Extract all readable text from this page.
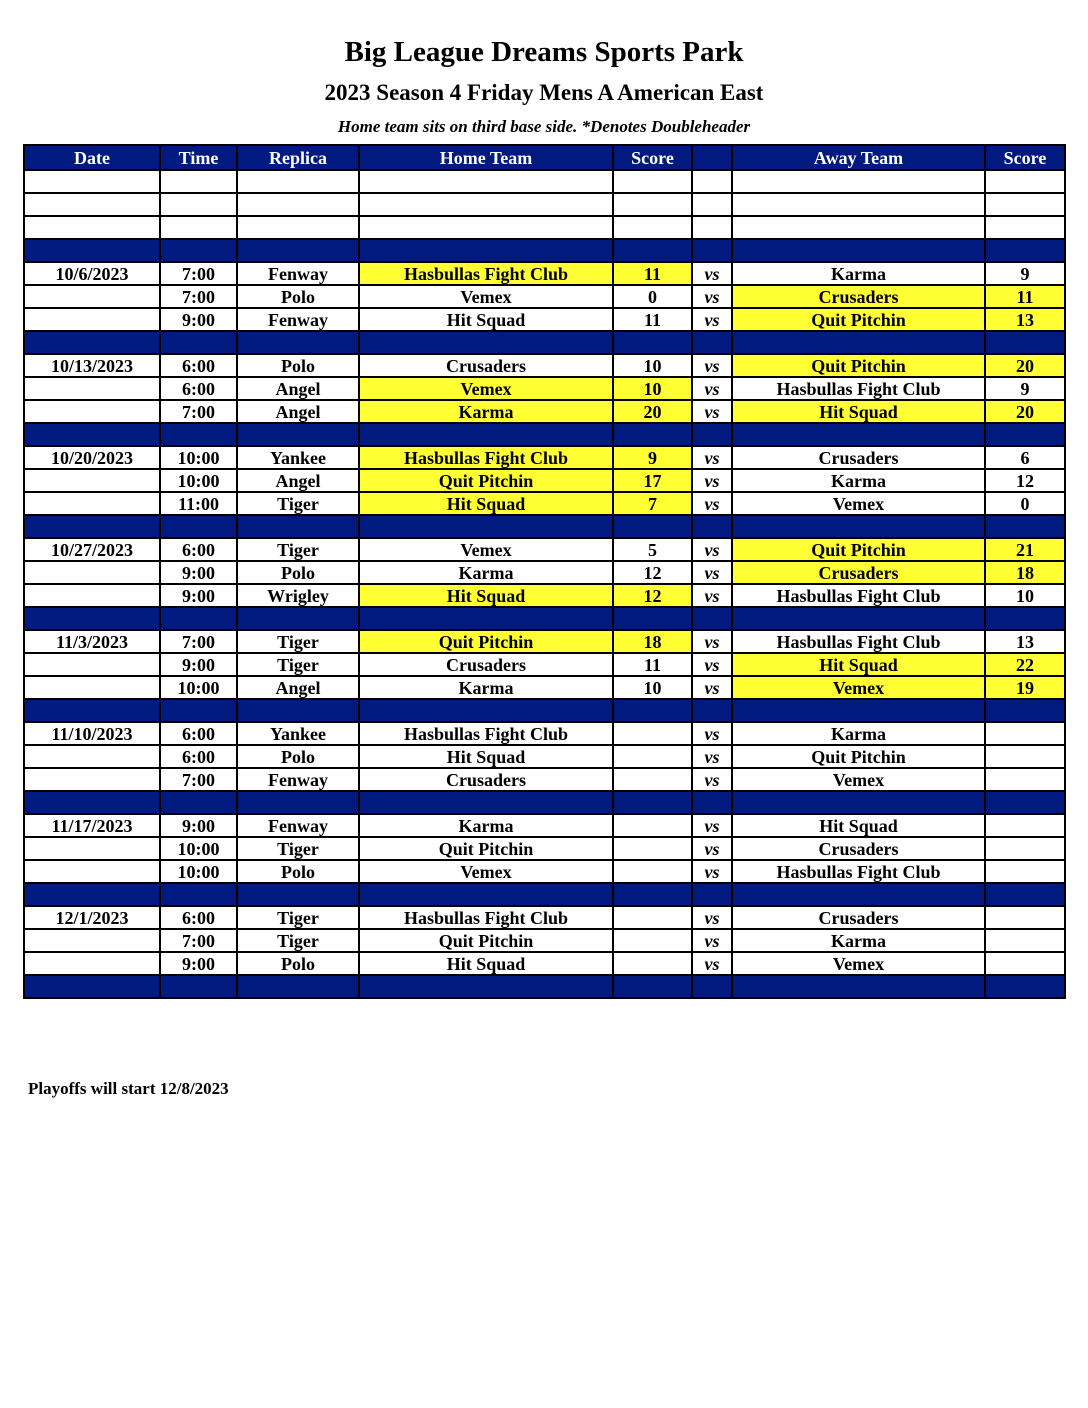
Big League Dreams Sports Park
2023 Season 4 Friday Mens A American East
Home team sits on third base side. *Denotes Doubleheader
Date	Time	Replica	Home Team	Score		Away Team	Score

10/6/2023	7:00	Fenway	Hasbullas Fight Club	11	vs	Karma	9
	7:00	Polo	Vemex	0	vs	Crusaders	11
	9:00	Fenway	Hit Squad	11	vs	Quit Pitchin	13

10/13/2023	6:00	Polo	Crusaders	10	vs	Quit Pitchin	20
	6:00	Angel	Vemex	10	vs	Hasbullas Fight Club	9
	7:00	Angel	Karma	20	vs	Hit Squad	20

10/20/2023	10:00	Yankee	Hasbullas Fight Club	9	vs	Crusaders	6
	10:00	Angel	Quit Pitchin	17	vs	Karma	12
	11:00	Tiger	Hit Squad	7	vs	Vemex	0

10/27/2023	6:00	Tiger	Vemex	5	vs	Quit Pitchin	21
	9:00	Polo	Karma	12	vs	Crusaders	18
	9:00	Wrigley	Hit Squad	12	vs	Hasbullas Fight Club	10

11/3/2023	7:00	Tiger	Quit Pitchin	18	vs	Hasbullas Fight Club	13
	9:00	Tiger	Crusaders	11	vs	Hit Squad	22
	10:00	Angel	Karma	10	vs	Vemex	19

11/10/2023	6:00	Yankee	Hasbullas Fight Club		vs	Karma	
	6:00	Polo	Hit Squad		vs	Quit Pitchin	
	7:00	Fenway	Crusaders		vs	Vemex	

11/17/2023	9:00	Fenway	Karma		vs	Hit Squad	
	10:00	Tiger	Quit Pitchin		vs	Crusaders	
	10:00	Polo	Vemex		vs	Hasbullas Fight Club	

12/1/2023	6:00	Tiger	Hasbullas Fight Club		vs	Crusaders	
	7:00	Tiger	Quit Pitchin		vs	Karma	
	9:00	Polo	Hit Squad		vs	Vemex	

Playoffs will start 12/8/2023
